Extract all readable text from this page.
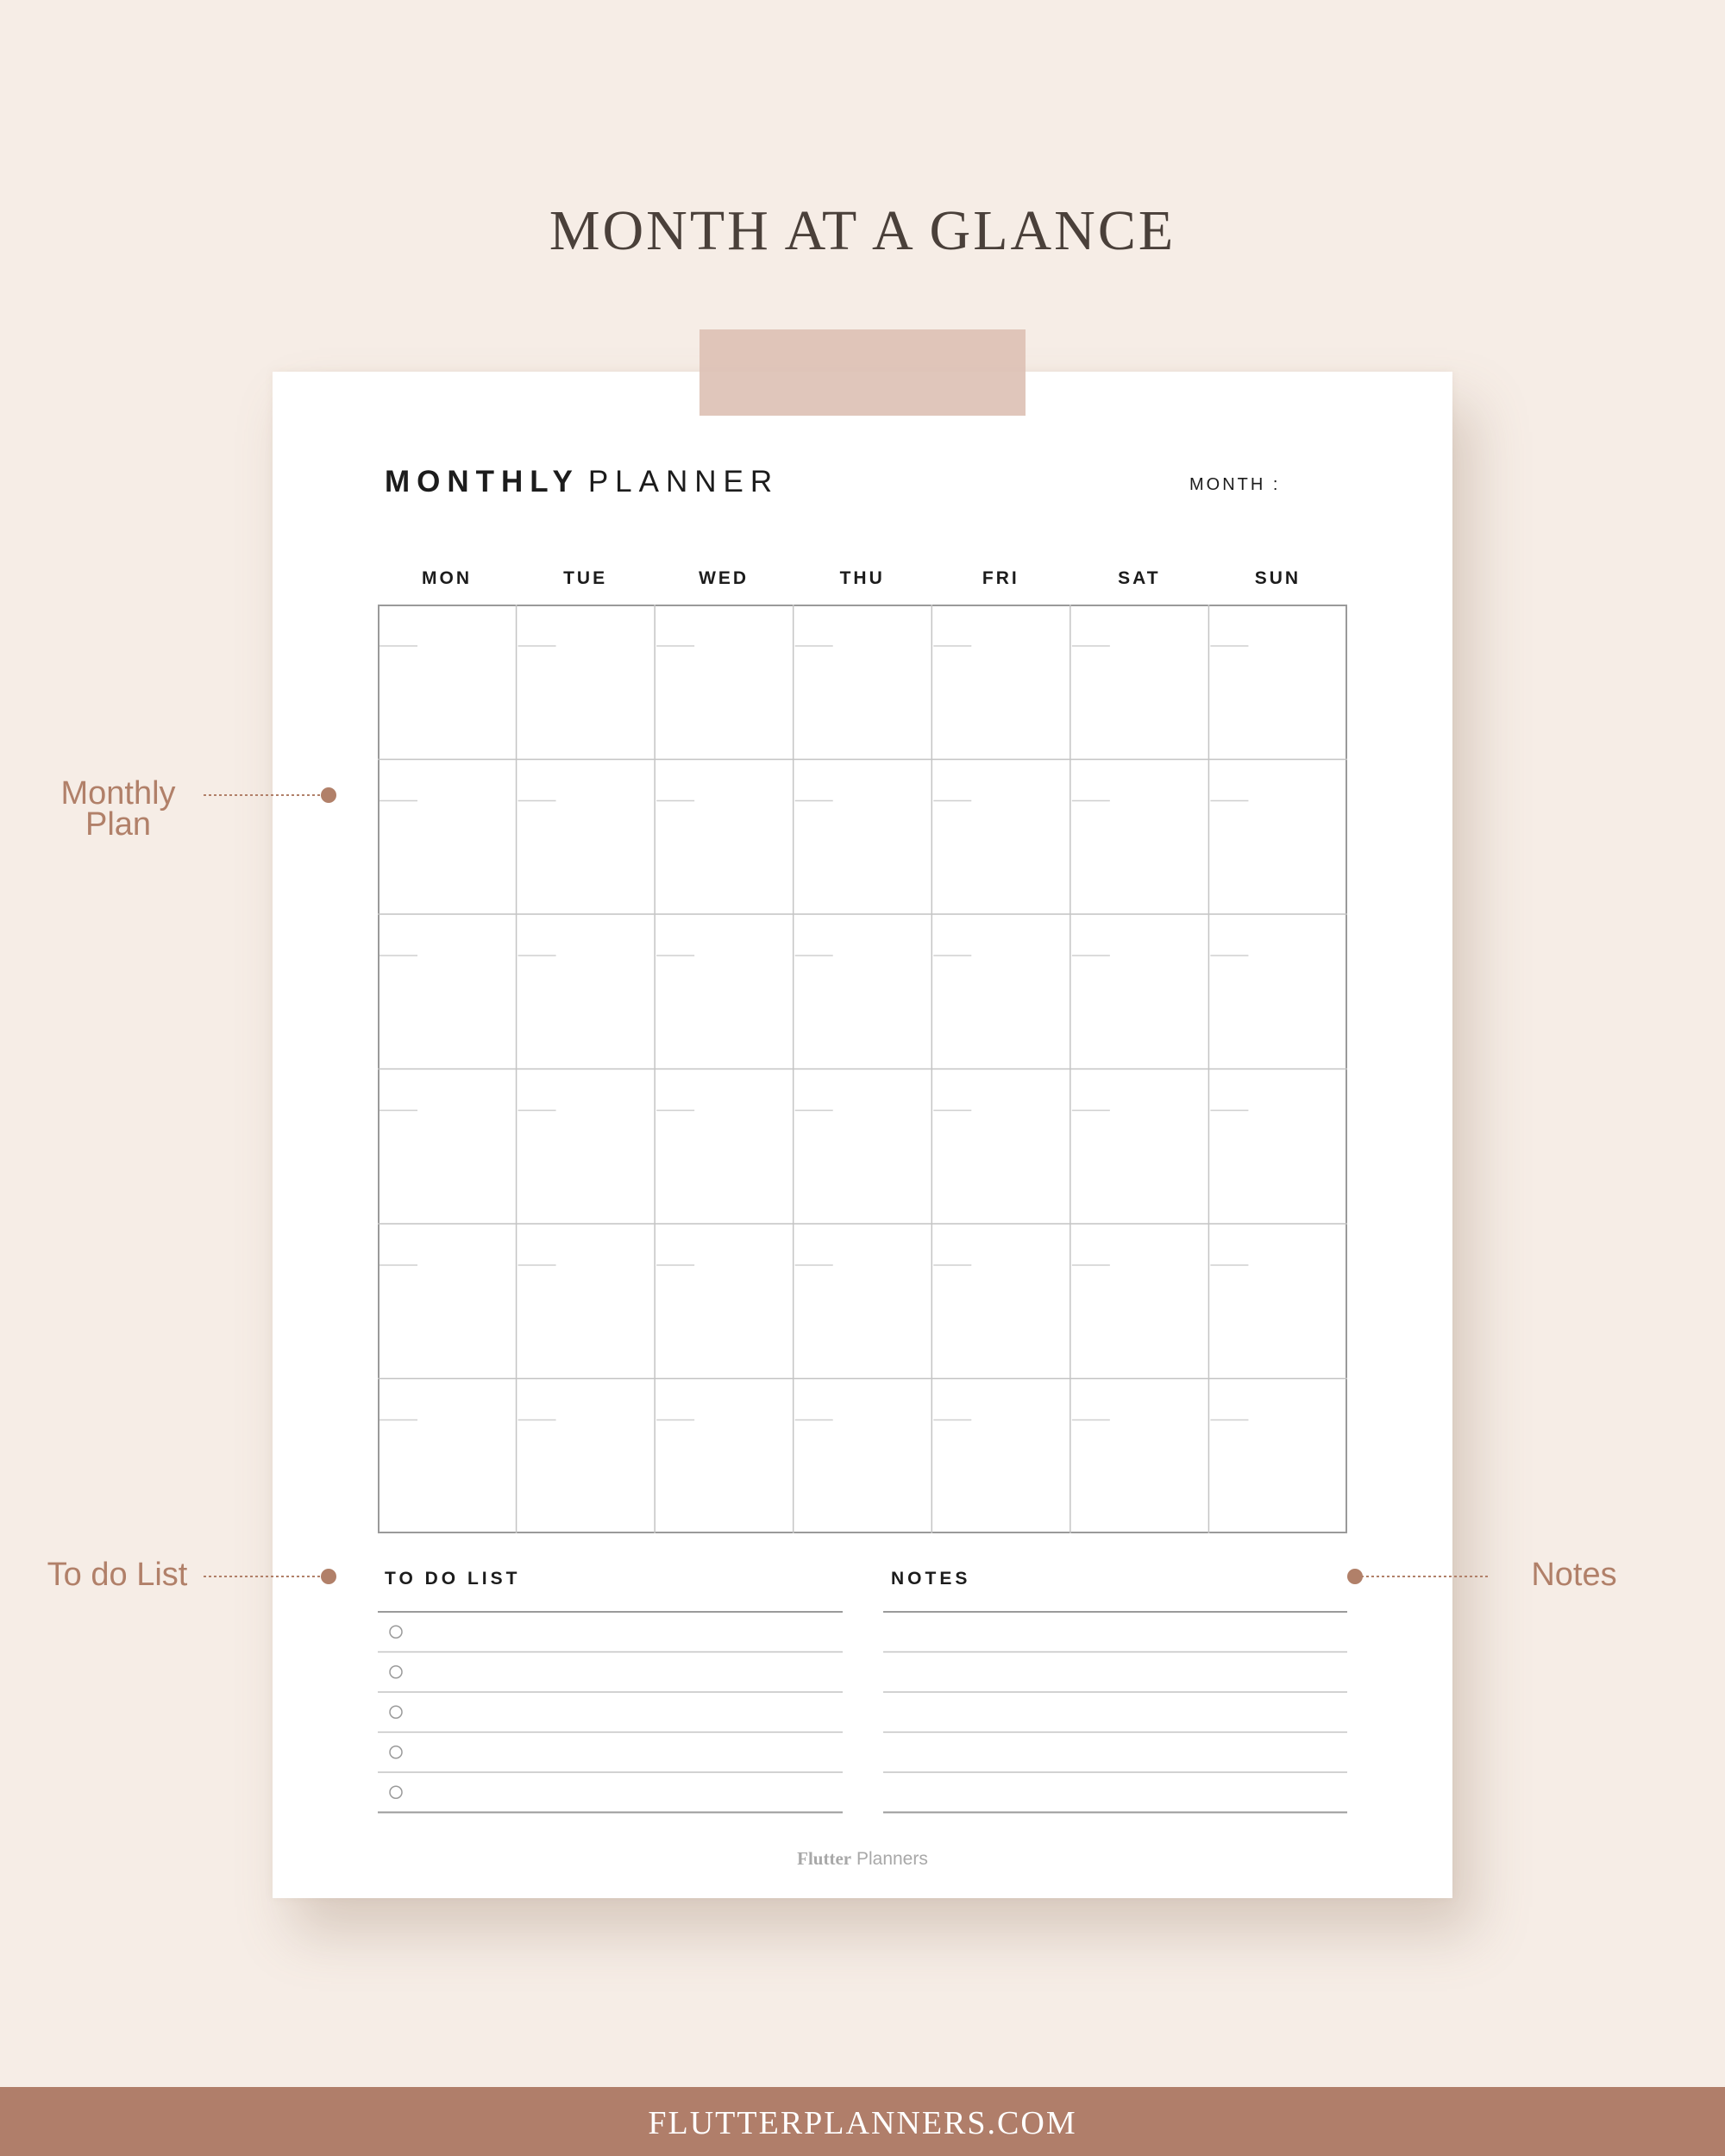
MONTH AT A GLANCE
MONTHLY PLANNER	MONTH :
MON	TUE	WED	THU	FRI	SAT	SUN
TO DO LIST	NOTES
Flutter Planners
Monthly
Plan
To do List	Notes
FLUTTERPLANNERS.COM
